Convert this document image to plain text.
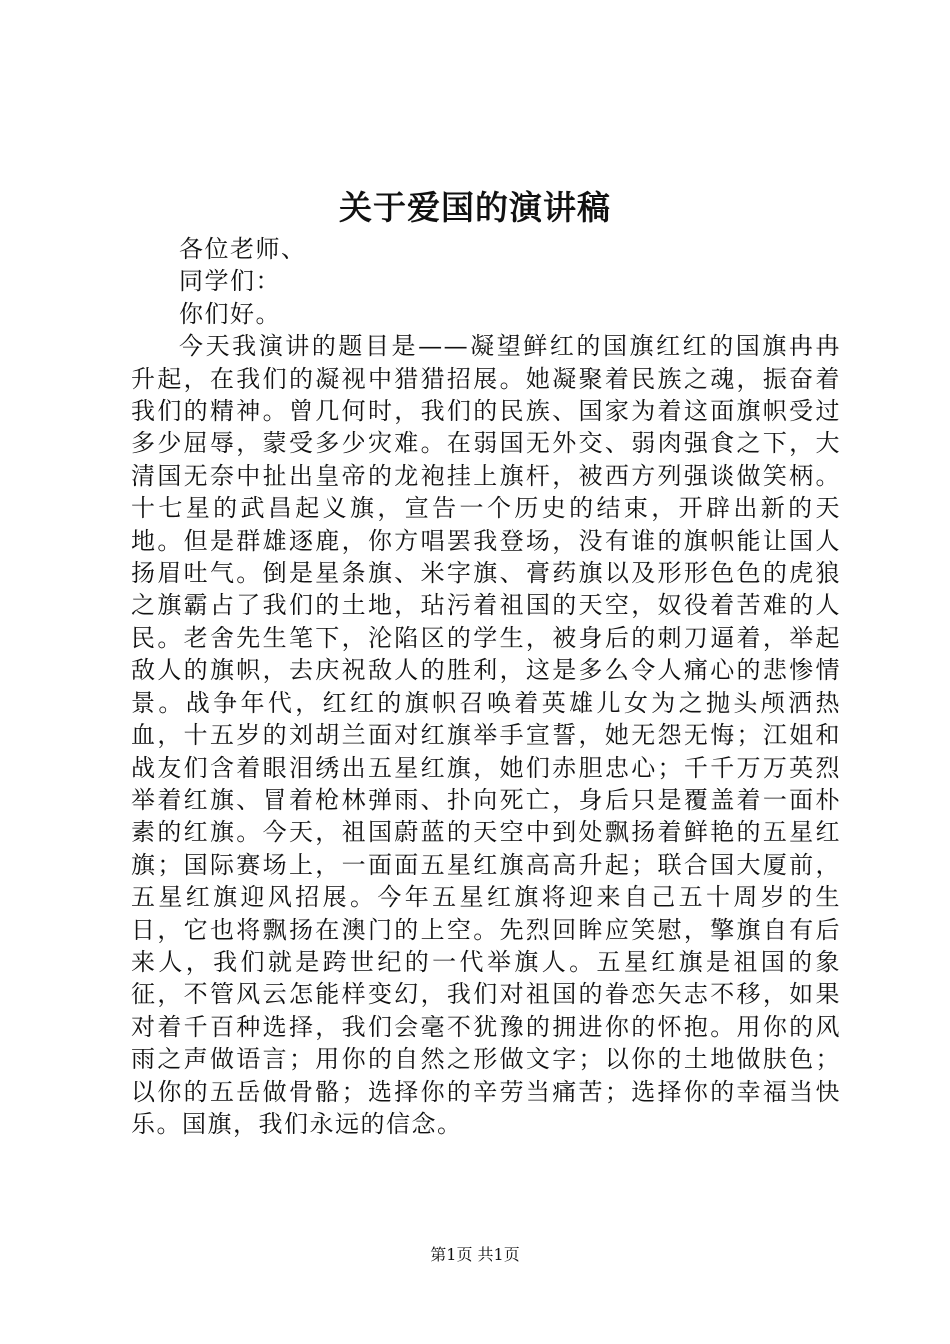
关于爱国的演讲稿

各位老师、

同学们：

你们好。

今天我演讲的题目是——凝望鲜红的国旗红红的国旗冉冉升起，在我们的凝视中猎猎招展。她凝聚着民族之魂，振奋着我们的精神。曾几何时，我们的民族、国家为着这面旗帜受过多少屈辱，蒙受多少灾难。在弱国无外交、弱肉强食之下，大清国无奈中扯出皇帝的龙袍挂上旗杆，被西方列强谈做笑柄。十七星的武昌起义旗，宣告一个历史的结束，开辟出新的天地。但是群雄逐鹿，你方唱罢我登场，没有谁的旗帜能让国人扬眉吐气。倒是星条旗、米字旗、膏药旗以及形形色色的虎狼之旗霸占了我们的土地，玷污着祖国的天空，奴役着苦难的人民。老舍先生笔下，沦陷区的学生，被身后的刺刀逼着，举起敌人的旗帜，去庆祝敌人的胜利，这是多么令人痛心的悲惨情景。战争年代，红红的旗帜召唤着英雄儿女为之抛头颅洒热血，十五岁的刘胡兰面对红旗举手宣誓，她无怨无悔；江姐和战友们含着眼泪绣出五星红旗，她们赤胆忠心；千千万万英烈举着红旗、冒着枪林弹雨、扑向死亡，身后只是覆盖着一面朴素的红旗。今天，祖国蔚蓝的天空中到处飘扬着鲜艳的五星红旗；国际赛场上，一面面五星红旗高高升起；联合国大厦前，五星红旗迎风招展。今年五星红旗将迎来自己五十周岁的生日，它也将飘扬在澳门的上空。先烈回眸应笑慰，擎旗自有后来人，我们就是跨世纪的一代举旗人。五星红旗是祖国的象征，不管风云怎能样变幻，我们对祖国的眷恋矢志不移，如果对着千百种选择，我们会毫不犹豫的拥进你的怀抱。用你的风雨之声做语言；用你的自然之形做文字；以你的土地做肤色；以你的五岳做骨骼；选择你的辛劳当痛苦；选择你的幸福当快乐。国旗，我们永远的信念。

第1页 共1页
